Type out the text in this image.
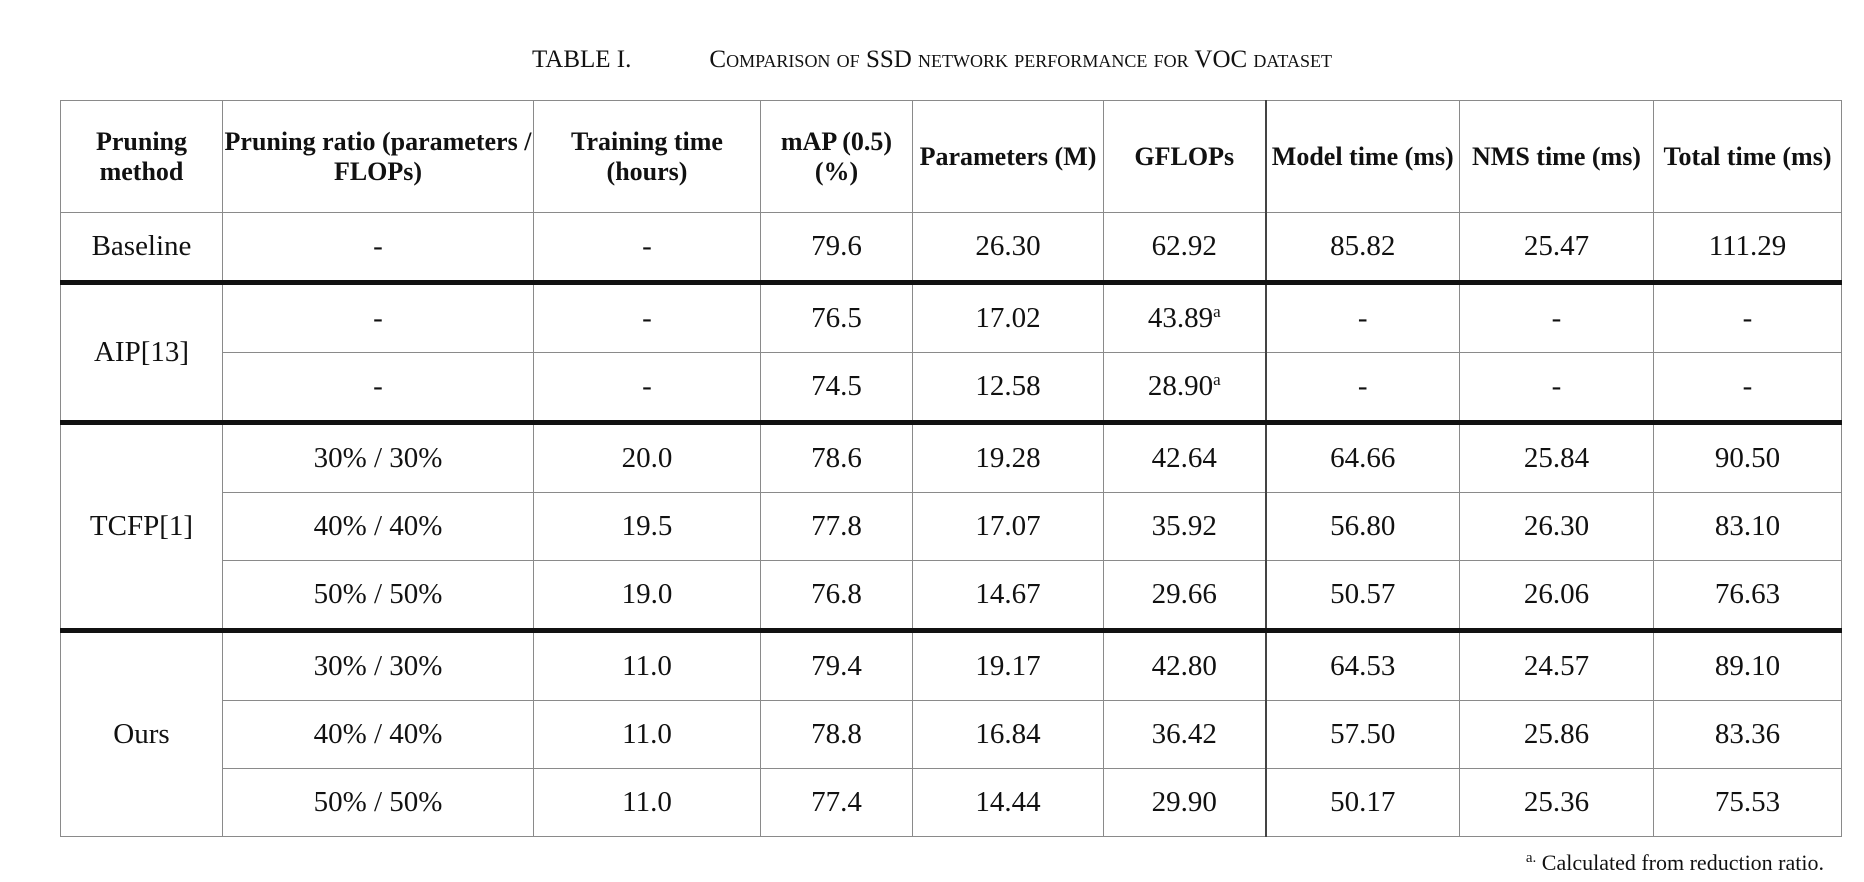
TABLE I.	Comparison of SSD network performance for VOC dataset
Pruning method	Pruning ratio (parameters / FLOPs)	Training time (hours)	mAP (0.5) (%)	Parameters (M)	GFLOPs	Model time (ms)	NMS time (ms)	Total time (ms)
Baseline	-	-	79.6	26.30	62.92	85.82	25.47	111.29
AIP[13]	-	-	76.5	17.02	43.89$^a$	-	-	-
	-	-	74.5	12.58	28.90$^a$	-	-	-
TCFP[1]	30% / 30%	20.0	78.6	19.28	42.64	64.66	25.84	90.50
	40% / 40%	19.5	77.8	17.07	35.92	56.80	26.30	83.10
	50% / 50%	19.0	76.8	14.67	29.66	50.57	26.06	76.63
Ours	30% / 30%	11.0	79.4	19.17	42.80	64.53	24.57	89.10
	40% / 40%	11.0	78.8	16.84	36.42	57.50	25.86	83.36
	50% / 50%	11.0	77.4	14.44	29.90	50.17	25.36	75.53
$^{a.}$ Calculated from reduction ratio.
